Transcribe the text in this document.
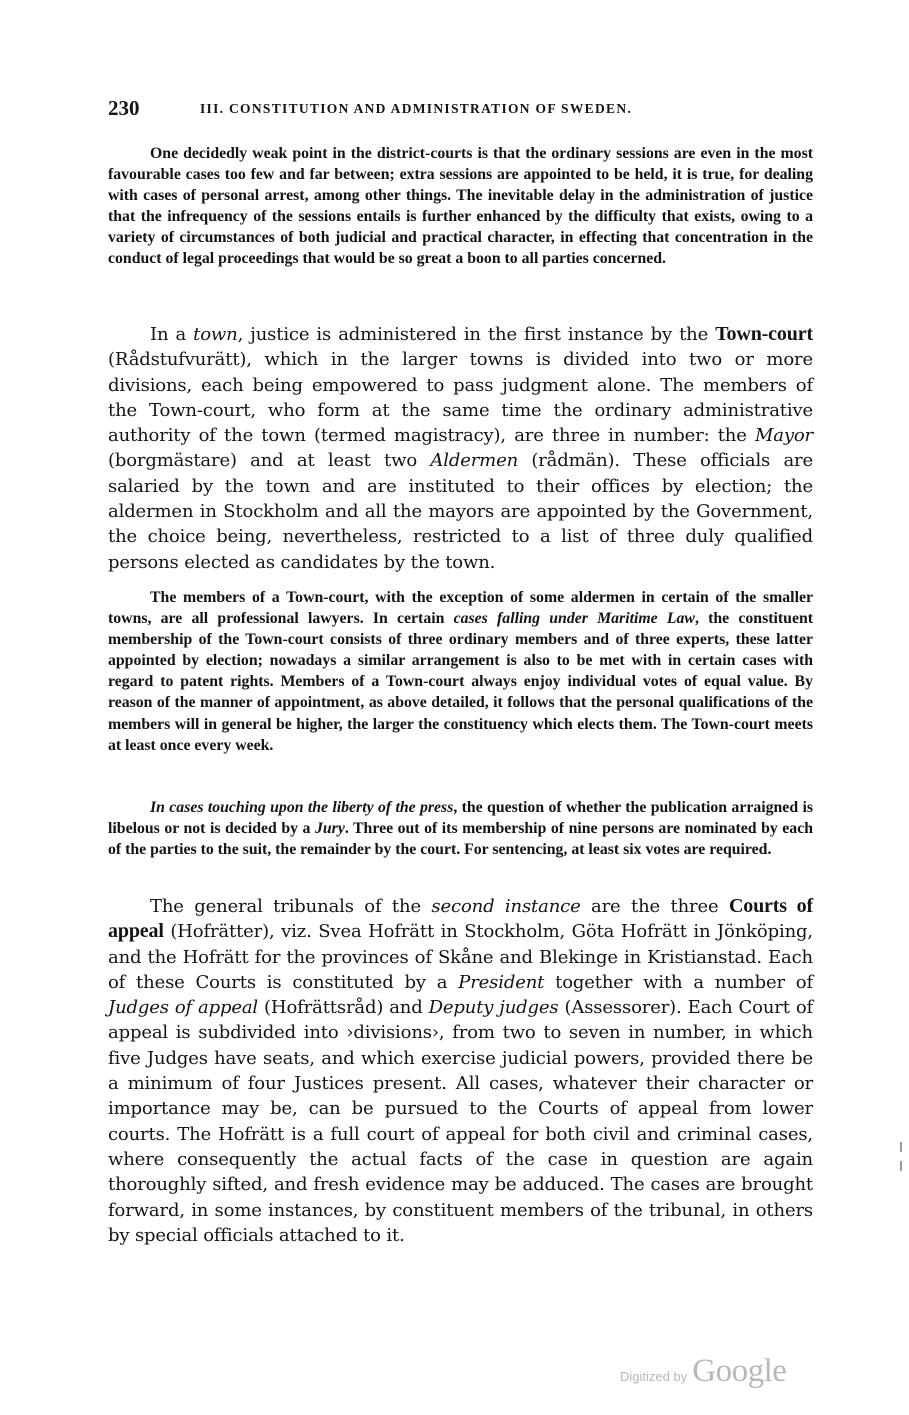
230	III. CONSTITUTION AND ADMINISTRATION OF SWEDEN.

One decidedly weak point in the district-courts is that the ordinary sessions are even in the most favourable cases too few and far between; extra sessions are appointed to be held, it is true, for dealing with cases of personal arrest, among other things. The inevitable delay in the administration of justice that the infrequency of the sessions entails is further enhanced by the difficulty that exists, owing to a variety of circumstances of both judicial and practical character, in effecting that concentration in the conduct of legal proceedings that would be so great a boon to all parties concerned.

In a town, justice is administered in the first instance by the Town-court (Rådstufvurätt), which in the larger towns is divided into two or more divisions, each being empowered to pass judgment alone. The members of the Town-court, who form at the same time the ordinary administrative authority of the town (termed magistracy), are three in number: the Mayor (borgmästare) and at least two Aldermen (rådmän). These officials are salaried by the town and are instituted to their offices by election; the aldermen in Stockholm and all the mayors are appointed by the Government, the choice being, nevertheless, restricted to a list of three duly qualified persons elected as candidates by the town.

The members of a Town-court, with the exception of some aldermen in certain of the smaller towns, are all professional lawyers. In certain cases falling under Maritime Law, the constituent membership of the Town-court consists of three ordinary members and of three experts, these latter appointed by election; nowadays a similar arrangement is also to be met with in certain cases with regard to patent rights. Members of a Town-court always enjoy individual votes of equal value. By reason of the manner of appointment, as above detailed, it follows that the personal qualifications of the members will in general be higher, the larger the constituency which elects them. The Town-court meets at least once every week.

In cases touching upon the liberty of the press, the question of whether the publication arraigned is libelous or not is decided by a Jury. Three out of its membership of nine persons are nominated by each of the parties to the suit, the remainder by the court. For sentencing, at least six votes are required.

The general tribunals of the second instance are the three Courts of appeal (Hofrätter), viz. Svea Hofrätt in Stockholm, Göta Hofrätt in Jönköping, and the Hofrätt for the provinces of Skåne and Blekinge in Kristianstad. Each of these Courts is constituted by a President together with a number of Judges of appeal (Hofrättsråd) and Deputy judges (Assessorer). Each Court of appeal is subdivided into ›divisions›, from two to seven in number, in which five Judges have seats, and which exercise judicial powers, provided there be a minimum of four Justices present. All cases, whatever their character or importance may be, can be pursued to the Courts of appeal from lower courts. The Hofrätt is a full court of appeal for both civil and criminal cases, where consequently the actual facts of the case in question are again thoroughly sifted, and fresh evidence may be adduced. The cases are brought forward, in some instances, by constituent members of the tribunal, in others by special officials attached to it.

Digitized by Google
